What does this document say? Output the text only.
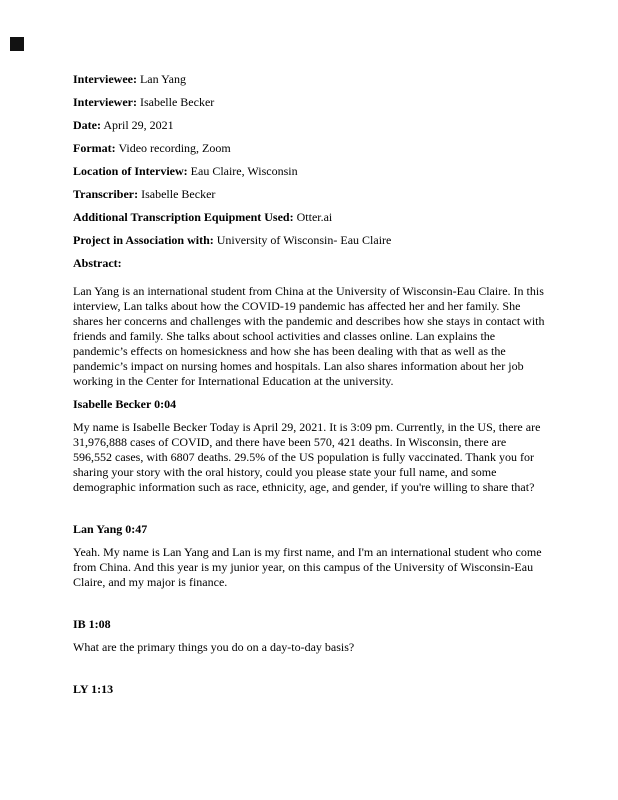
Interviewee: Lan Yang
Interviewer: Isabelle Becker
Date: April 29, 2021
Format: Video recording, Zoom
Location of Interview: Eau Claire, Wisconsin
Transcriber: Isabelle Becker
Additional Transcription Equipment Used: Otter.ai
Project in Association with: University of Wisconsin- Eau Claire
Abstract:
Lan Yang is an international student from China at the University of Wisconsin-Eau Claire. In this interview, Lan talks about how the COVID-19 pandemic has affected her and her family. She shares her concerns and challenges with the pandemic and describes how she stays in contact with friends and family. She talks about school activities and classes online. Lan explains the pandemic’s effects on homesickness and how she has been dealing with that as well as the pandemic’s impact on nursing homes and hospitals. Lan also shares information about her job working in the Center for International Education at the university.
Isabelle Becker 0:04
My name is Isabelle Becker Today is April 29, 2021. It is 3:09 pm. Currently, in the US, there are 31,976,888 cases of COVID, and there have been 570, 421 deaths. In Wisconsin, there are 596,552 cases, with 6807 deaths. 29.5% of the US population is fully vaccinated. Thank you for sharing your story with the oral history, could you please state your full name, and some demographic information such as race, ethnicity, age, and gender, if you're willing to share that?
Lan Yang 0:47
Yeah. My name is Lan Yang and Lan is my first name, and I'm an international student who come from China. And this year is my junior year, on this campus of the University of Wisconsin-Eau Claire, and my major is finance.
IB 1:08
What are the primary things you do on a day-to-day basis?
LY 1:13
